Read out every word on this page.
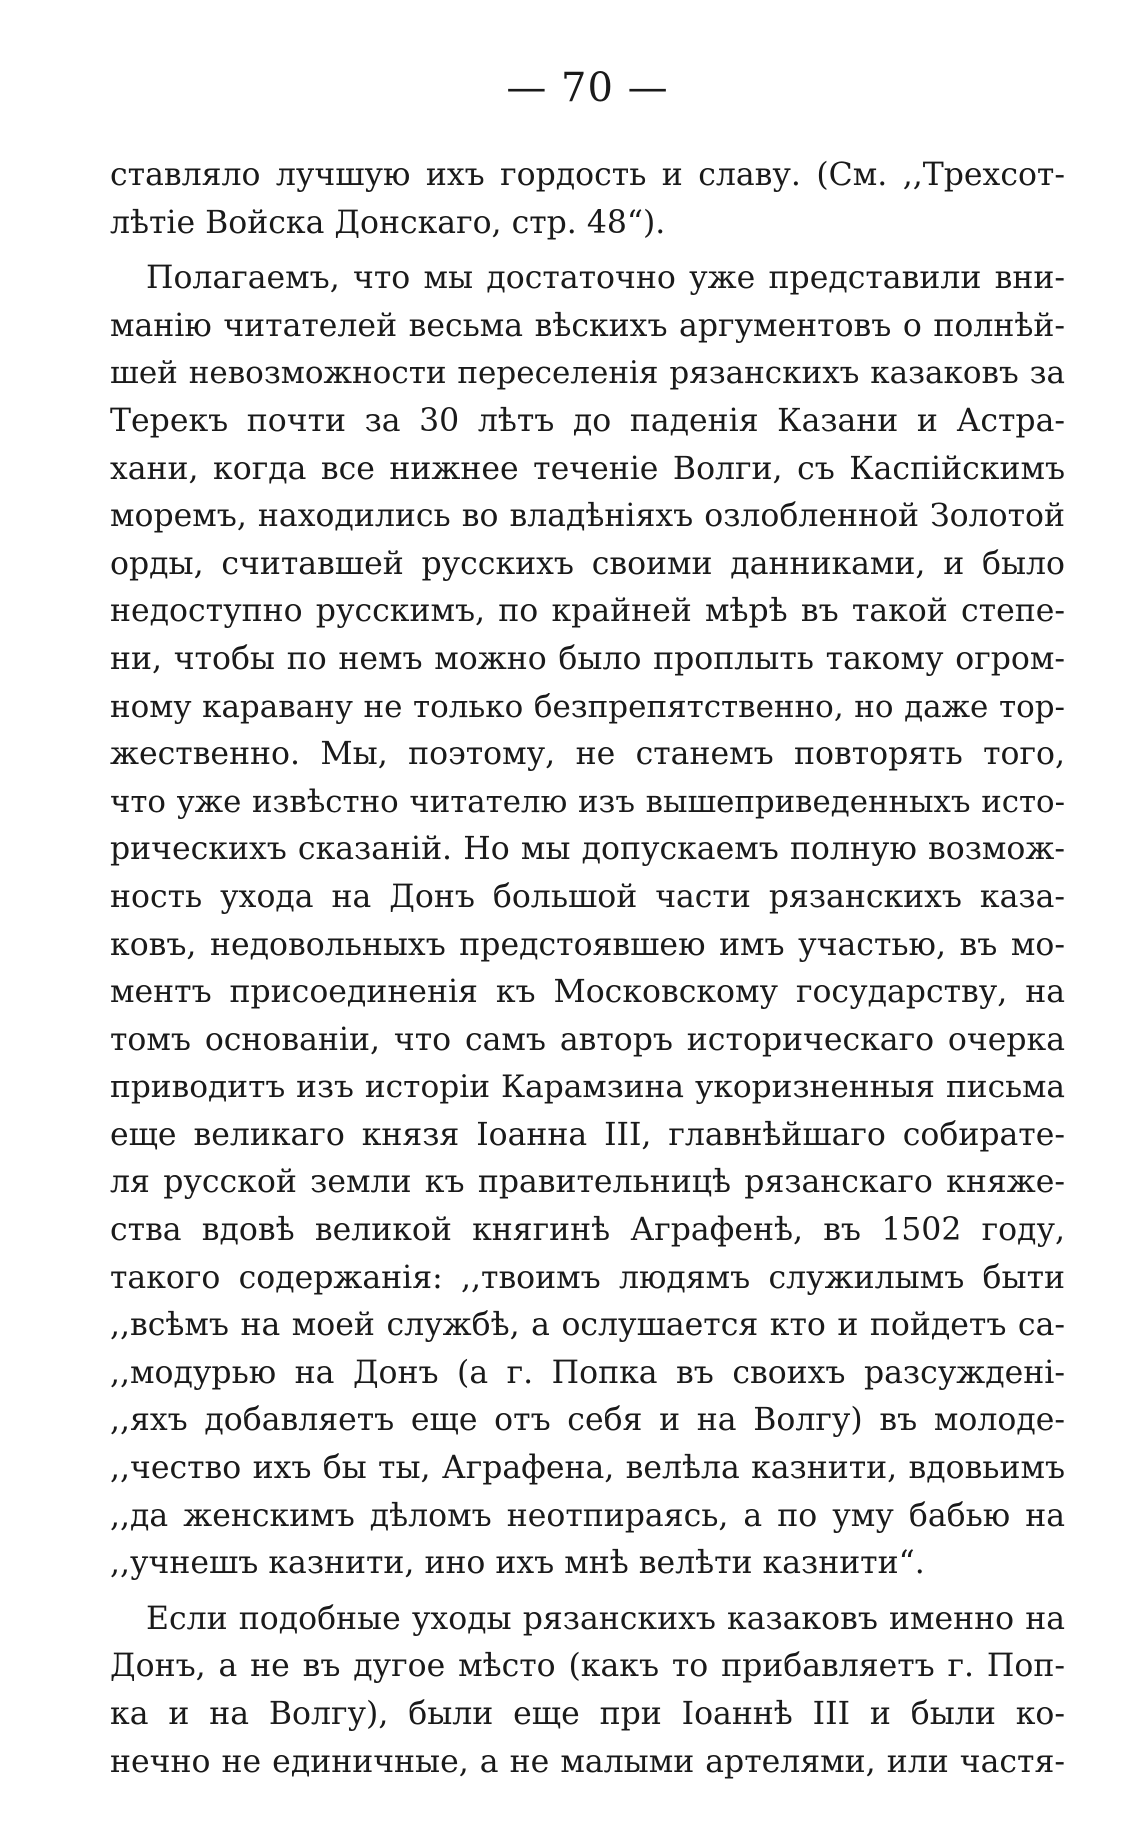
— 70 —
ставляло лучшую ихъ гордость и славу. (См. ,,Трехсот-
лѣтіе Войска Донскаго, стр. 48“).
Полагаемъ, что мы достаточно уже представили вни-
манію читателей весьма вѣскихъ аргументовъ о полнѣй-
шей невозможности переселенія рязанскихъ казаковъ за
Терекъ почти за 30 лѣтъ до паденія Казани и Астра-
хани, когда все нижнее теченіе Волги, съ Каспійскимъ
моремъ, находились во владѣніяхъ озлобленной Золотой
орды, считавшей русскихъ своими данниками, и было
недоступно русскимъ, по крайней мѣрѣ въ такой степе-
ни, чтобы по немъ можно было проплыть такому огром-
ному каравану не только безпрепятственно, но даже тор-
жественно. Мы, поэтому, не станемъ повторять того,
что уже извѣстно читателю изъ вышеприведенныхъ исто-
рическихъ сказаній. Но мы допускаемъ полную возмож-
ность ухода на Донъ большой части рязанскихъ каза-
ковъ, недовольныхъ предстоявшею имъ участью, въ мо-
ментъ присоединенія къ Московскому государству, на
томъ основаніи, что самъ авторъ историческаго очерка
приводитъ изъ исторіи Карамзина укоризненныя письма
еще великаго князя Іоанна III, главнѣйшаго собирате-
ля русской земли къ правительницѣ рязанскаго княже-
ства вдовѣ великой княгинѣ Аграфенѣ, въ 1502 году,
такого содержанія: ,,твоимъ людямъ служилымъ быти
,,всѣмъ на моей службѣ, а ослушается кто и пойдетъ са-
,,модурью на Донъ (а г. Попка въ своихъ разсужденi-
,,яхъ добавляетъ еще отъ себя и на Волгу) въ молоде-
,,чество ихъ бы ты, Аграфена, велѣла казнити, вдовьимъ
,,да женскимъ дѣломъ неотпираясь, а по уму бабью на
,,учнешъ казнити, ино ихъ мнѣ велѣти казнити“.
Если подобные уходы рязанскихъ казаковъ именно на
Донъ, а не въ дугое мѣсто (какъ то прибавляетъ г. Поп-
ка и на Волгу), были еще при Іоаннѣ III и были ко-
нечно не единичные, а не малыми артелями, или частя-
